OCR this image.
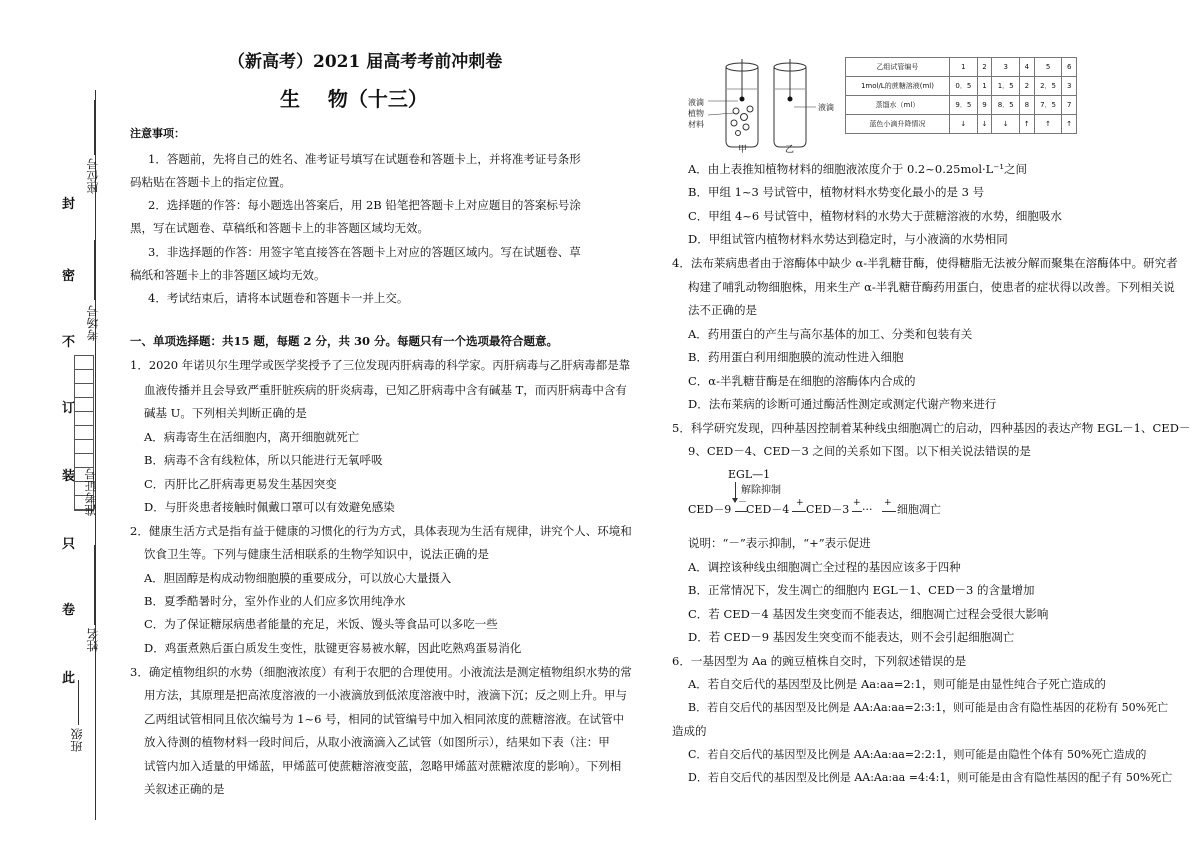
封
密
不
订
装
只
卷
此
座位号
考场号
准考证号
姓名
班级
（新高考）2021 届高考考前冲刺卷
生    物（十三）
注意事项：
1．答题前，先将自己的姓名、准考证号填写在试题卷和答题卡上，并将准考证号条形
码粘贴在答题卡上的指定位置。
2．选择题的作答：每小题选出答案后，用 2B 铅笔把答题卡上对应题目的答案标号涂
黑，写在试题卷、草稿纸和答题卡上的非答题区域均无效。
3．非选择题的作答：用签字笔直接答在答题卡上对应的答题区域内。写在试题卷、草
稿纸和答题卡上的非答题区域均无效。
4．考试结束后，请将本试题卷和答题卡一并上交。
一、单项选择题：共15 题，每题 2 分，共 30 分。每题只有一个选项最符合题意。
1．2020 年诺贝尔生理学或医学奖授予了三位发现丙肝病毒的科学家。丙肝病毒与乙肝病毒都是靠
血液传播并且会导致严重肝脏疾病的肝炎病毒，已知乙肝病毒中含有碱基 T，而丙肝病毒中含有
碱基 U。下列相关判断正确的是
A．病毒寄生在活细胞内，离开细胞就死亡
B．病毒不含有线粒体，所以只能进行无氧呼吸
C．丙肝比乙肝病毒更易发生基因突变
D．与肝炎患者接触时佩戴口罩可以有效避免感染
2．健康生活方式是指有益于健康的习惯化的行为方式，具体表现为生活有规律，讲究个人、环境和
饮食卫生等。下列与健康生活相联系的生物学知识中，说法正确的是
A．胆固醇是构成动物细胞膜的重要成分，可以放心大量摄入
B．夏季酷暑时分，室外作业的人们应多饮用纯净水
C．为了保证糖尿病患者能量的充足，米饭、馒头等食品可以多吃一些
D．鸡蛋煮熟后蛋白质发生变性，肽键更容易被水解，因此吃熟鸡蛋易消化
3．确定植物组织的水势（细胞液浓度）有利于农肥的合理使用。小液流法是测定植物组织水势的常
用方法，其原理是把高浓度溶液的一小液滴放到低浓度溶液中时，液滴下沉；反之则上升。甲与
乙两组试管相同且依次编号为 1~6 号，相同的试管编号中加入相同浓度的蔗糖溶液。在试管中
放入待测的植物材料一段时间后，从取小液滴滴入乙试管（如图所示），结果如下表（注：甲
试管内加入适量的甲烯蓝，甲烯蓝可使蔗糖溶液变蓝，忽略甲烯蓝对蔗糖浓度的影响）。下列相
关叙述正确的是
液滴
植物
材料
液滴
甲	乙
乙组试管编号	1	2	3	4	5	6
1mol/L的蔗糖溶液(ml)	0．5	1	1．5	2	2．5	3
蒸馏水（ml）	9．5	9	8．5	8	7．5	7
蓝色小滴升降情况	↓	↓	↓	↑	↑	↑
A．由上表推知植物材料的细胞液浓度介于 0.2~0.25mol·L⁻¹之间
B．甲组 1~3 号试管中，植物材料水势变化最小的是 3 号
C．甲组 4~6 号试管中，植物材料的水势大于蔗糖溶液的水势，细胞吸水
D．甲组试管内植物材料水势达到稳定时，与小液滴的水势相同
4．法布莱病患者由于溶酶体中缺少 α-半乳糖苷酶，使得糖脂无法被分解而聚集在溶酶体中。研究者
构建了哺乳动物细胞株，用来生产 α-半乳糖苷酶药用蛋白，使患者的症状得以改善。下列相关说
法不正确的是
A．药用蛋白的产生与高尔基体的加工、分类和包装有关
B．药用蛋白利用细胞膜的流动性进入细胞
C．α-半乳糖苷酶是在细胞的溶酶体内合成的
D．法布莱病的诊断可通过酶活性测定或测定代谢产物来进行
5．科学研究发现，四种基因控制着某种线虫细胞凋亡的启动，四种基因的表达产物 EGL－1、CED－
9、CED－4、CED－3 之间的关系如下图。以下相关说法错误的是
EGL—1
解除抑制
CED－9 －
CED－4 + CED－3 + ··· + 细胞凋亡
说明：“－”表示抑制，“+”表示促进
A．调控该种线虫细胞凋亡全过程的基因应该多于四种
B．正常情况下，发生凋亡的细胞内 EGL－1、CED－3 的含量增加
C．若 CED－4 基因发生突变而不能表达，细胞凋亡过程会受很大影响
D．若 CED－9 基因发生突变而不能表达，则不会引起细胞凋亡
6．一基因型为 Aa 的豌豆植株自交时，下列叙述错误的是
A．若自交后代的基因型及比例是 Aa:aa=2:1，则可能是由显性纯合子死亡造成的
B．若自交后代的基因型及比例是 AA:Aa:aa=2:3:1，则可能是由含有隐性基因的花粉有 50%死亡
造成的
C．若自交后代的基因型及比例是 AA:Aa:aa=2:2:1，则可能是由隐性个体有 50%死亡造成的
D．若自交后代的基因型及比例是 AA:Aa:aa =4:4:1，则可能是由含有隐性基因的配子有 50%死亡
